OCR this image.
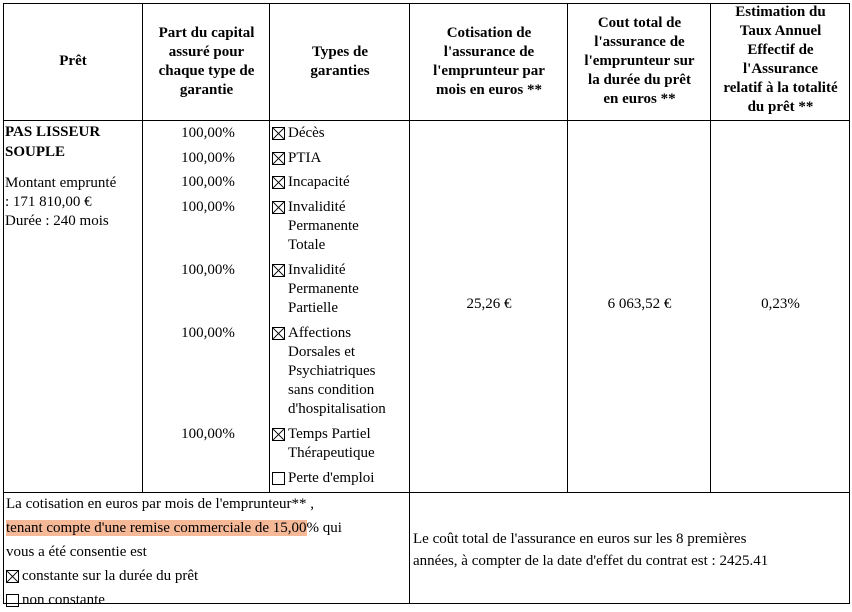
Prêt
Part du capital
assuré pour
chaque type de
garantie
Types de
garanties
Cotisation de
l'assurance de
l'emprunteur par
mois en euros **
Cout total de
l'assurance de
l'emprunteur sur
la durée du prêt
en euros **
Estimation du
Taux Annuel
Effectif de
l'Assurance
relatif à la totalité
du prêt **
PAS LISSEUR
SOUPLE
Montant emprunté
: 171 810,00 €
Durée : 240 mois
100,00%
100,00%
100,00%
100,00%
100,00%
100,00%
100,00%
Décès
PTIA
Incapacité
Invalidité
Permanente
Totale
Invalidité
Permanente
Partielle
Affections
Dorsales et
Psychiatriques
sans condition
d'hospitalisation
Temps Partiel
Thérapeutique
Perte d'emploi
25,26 €	6 063,52 €	0,23%
La cotisation en euros par mois de l'emprunteur** ,
tenant compte d'une remise commerciale de 15,00% qui
vous a été consentie est
constante sur la durée du prêt
non constante
Le coût total de l'assurance en euros sur les 8 premières
années, à compter de la date d'effet du contrat est : 2425.41
